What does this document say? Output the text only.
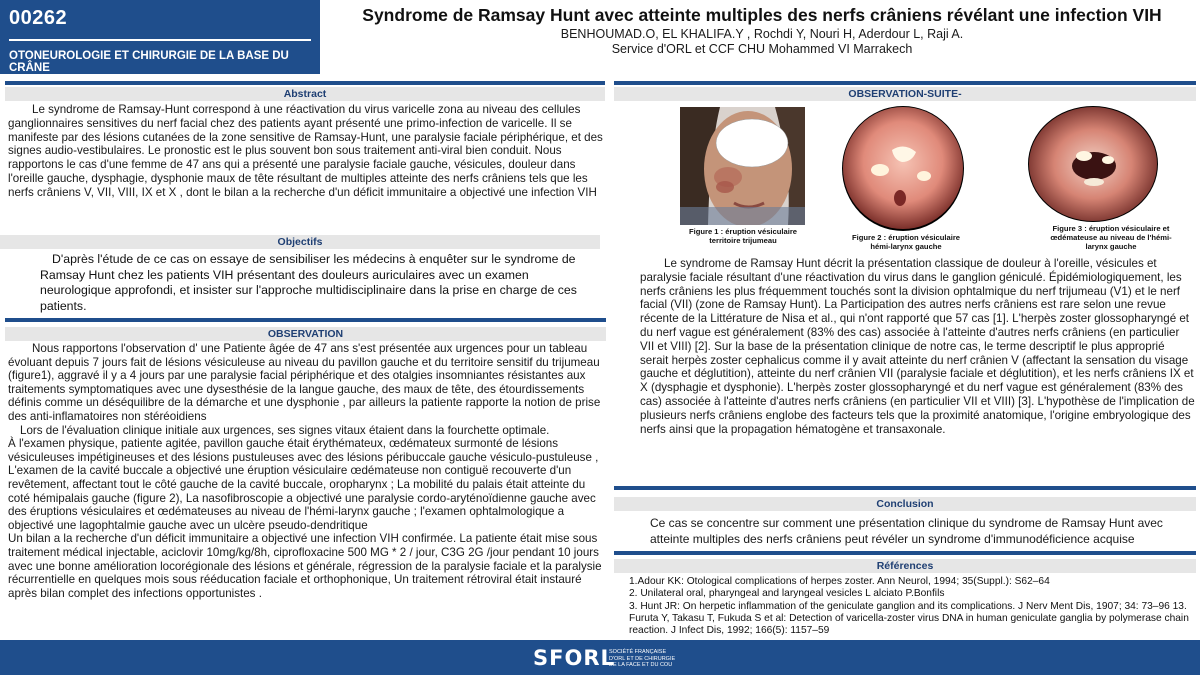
00262
OTONEUROLOGIE ET CHIRURGIE DE LA BASE DU CRÂNE
Syndrome de Ramsay Hunt avec atteinte multiples des nerfs crâniens révélant une infection VIH
BENHOUMAD.O, EL KHALIFA.Y , Rochdi Y, Nouri H, Aderdour L, Raji A.
Service d'ORL et CCF CHU Mohammed VI Marrakech
Abstract

Le syndrome de Ramsay-Hunt correspond à une réactivation du virus varicelle zona au niveau des cellules ganglionnaires sensitives du nerf facial chez des patients ayant présenté une primo-infection de varicelle. Il se manifeste par des lésions cutanées de la zone sensitive de Ramsay-Hunt, une paralysie faciale périphérique, et des signes audio-vestibulaires. Le pronostic est le plus souvent bon sous traitement anti-viral bien conduit. Nous rapportons le cas d'une femme de 47 ans qui a présenté une paralysie faciale gauche, vésicules, douleur dans l'oreille gauche, dysphagie, dysphonie maux de tête résultant de multiples atteinte des nerfs crâniens tels que les nerfs crâniens V, VII, VIII, IX et X , dont le bilan a la recherche d'un déficit immunitaire a objectivé une infection VIH

Objectifs
D'après l'étude de ce cas on essaye de sensibiliser les médecins à enquêter sur le syndrome de Ramsay Hunt chez les patients VIH présentant des douleurs auriculaires avec un examen neurologique approfondi, et insister sur l'approche multidisciplinaire dans la prise en charge de ces patients.
OBSERVATION

Nous rapportons l'observation d' une Patiente âgée de 47 ans s'est présentée aux urgences pour un tableau évoluant depuis 7 jours fait de lésions vésiculeuse au niveau du pavillon gauche et du territoire sensitif du trijumeau (figure1), aggravé il y a 4 jours par une paralysie facial périphérique et des otalgies insomniantes résistantes aux traitements symptomatiques avec une dysesthésie de la langue gauche, des maux de tête, des étourdissements définis comme un déséquilibre de la démarche et une dysphonie , par ailleurs la patiente rapporte la notion de prise des anti-inflamatoires non stéréoidiens

Lors de l'évaluation clinique initiale aux urgences, ses signes vitaux étaient dans la fourchette optimale.

À l'examen physique, patiente agitée, pavillon gauche était érythémateux, œdémateux surmonté de lésions vésiculeuses impétigineuses et des lésions pustuleuses avec des lésions péribuccale gauche vésiculo-pustuleuse , L'examen de la cavité buccale a objectivé une éruption vésiculaire œdémateuse non contiguë recouverte d'un revêtement, affectant tout le côté gauche de la cavité buccale, oropharynx ; La mobilité du palais était atteinte du coté hémipalais gauche (figure 2), La nasofibroscopie a objectivé une paralysie cordo-aryténoïdienne gauche avec des éruptions vésiculaires et œdémateuses au niveau de l'hémi-larynx gauche ; l'examen ophtalmologique a objectivé une lagophtalmie gauche avec un ulcère pseudo-dendritique

Un bilan a la recherche d'un déficit immunitaire a objectivé une infection VIH confirmée. La patiente était mise sous traitement médical injectable, aciclovir 10mg/kg/8h, ciprofloxacine 500 MG * 2 / jour, C3G 2G /jour pendant 10 jours avec une bonne amélioration locorégionale des lésions et générale, régression de la paralysie faciale et la paralysie récurrentielle en quelques mois sous rééducation faciale et orthophonique, Un traitement rétroviral était instauré après bilan complet des infections opportunistes .

OBSERVATION-SUITE-
Figure 1 : éruption vésiculaire territoire trijumeau	Figure 2 : éruption vésiculaire hémi-larynx gauche
Figure 3 : éruption vésiculaire et œdémateuse au niveau de l'hémi-larynx gauche

Le syndrome de Ramsay Hunt décrit la présentation classique de douleur à l'oreille, vésicules et paralysie faciale résultant d'une réactivation du virus dans le ganglion géniculé. Épidémiologiquement, les nerfs crâniens les plus fréquemment touchés sont la division ophtalmique du nerf trijumeau (V1) et le nerf facial (VII) (zone de Ramsay Hunt). La Participation des autres nerfs crâniens est rare selon une revue récente de la Littérature de Nisa et al., qui n'ont rapporté que 57 cas [1]. L'herpès zoster glossopharyngé et du nerf vague est généralement (83% des cas) associée à l'atteinte d'autres nerfs crâniens (en particulier VII et VIII) [2]. Sur la base de la présentation clinique de notre cas, le terme descriptif le plus approprié serait herpès zoster cephalicus comme il y avait atteinte du nerf crânien V (affectant la sensation du visage gauche et déglutition), atteinte du nerf crânien VII (paralysie faciale et déglutition), et les nerfs crâniens IX et X (dysphagie et dysphonie). L'herpès zoster glossopharyngé et du nerf vague est généralement (83% des cas) associée à l'atteinte d'autres nerfs crâniens (en particulier VII et VIII) [3]. L'hypothèse de l'implication de plusieurs nerfs crâniens englobe des facteurs tels que la proximité anatomique, l'origine embryologique des nerfs ainsi que la propagation hématogène et transaxonale.

Conclusion
Ce cas se concentre sur comment une présentation clinique du syndrome de Ramsay Hunt avec atteinte multiples des nerfs crâniens peut révéler un syndrome d'immunodéficience acquise
Références
1.Adour KK: Otological complications of herpes zoster. Ann Neurol, 1994; 35(Suppl.): S62–64
2. Unilateral oral, pharyngeal and laryngeal vesicles L alciato P.Bonfils
3. Hunt JR: On herpetic inflammation of the geniculate ganglion and its complications. J Nerv Ment Dis, 1907; 34: 73–96 13. Furuta Y, Takasu T, Fukuda S et al: Detection of varicella-zoster virus DNA in human geniculate ganglia by polymerase chain reaction. J Infect Dis, 1992; 166(5): 1157–59
SFORL
SOCIÉTÉ FRANÇAISE D'ORL ET DE CHIRURGIE DE LA FACE ET DU COU
